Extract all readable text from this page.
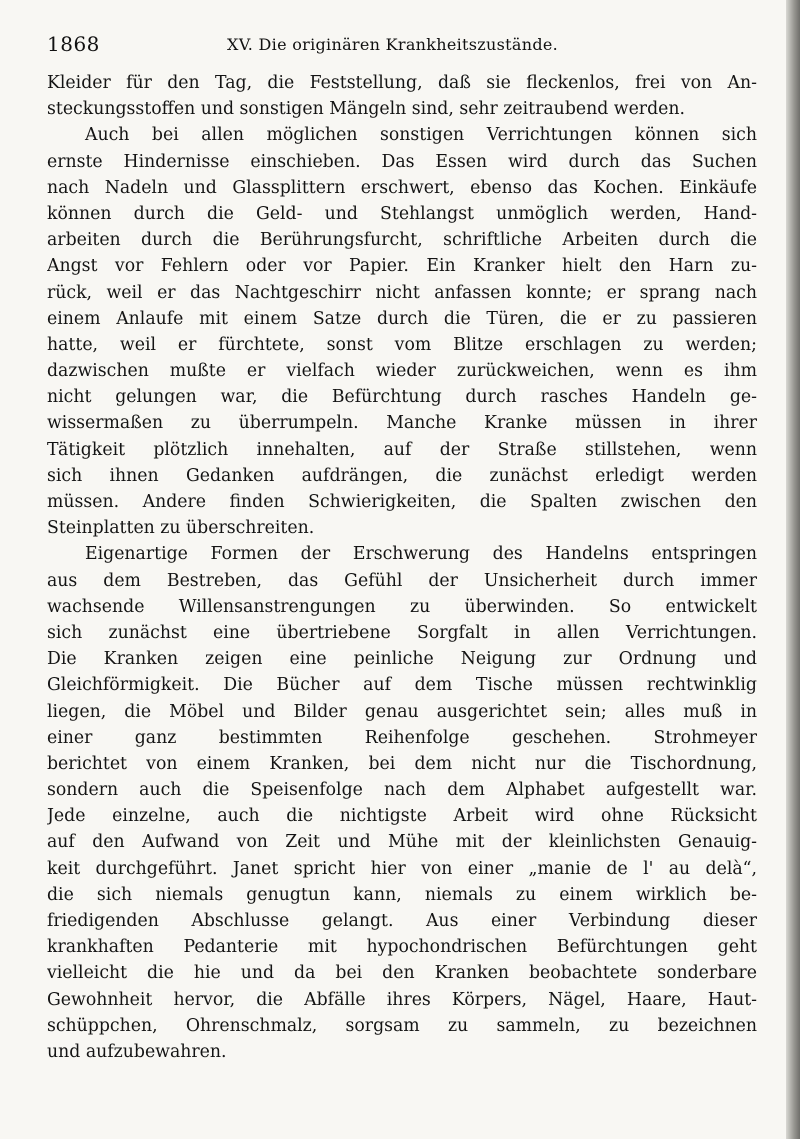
1868	XV. Die originären Krankheitszustände.
Kleider für den Tag, die Feststellung, daß sie fleckenlos, frei von An-
steckungsstoffen und sonstigen Mängeln sind, sehr zeitraubend werden.
Auch bei allen möglichen sonstigen Verrichtungen können sich
ernste Hindernisse einschieben. Das Essen wird durch das Suchen
nach Nadeln und Glassplittern erschwert, ebenso das Kochen. Einkäufe
können durch die Geld- und Stehlangst unmöglich werden, Hand-
arbeiten durch die Berührungsfurcht, schriftliche Arbeiten durch die
Angst vor Fehlern oder vor Papier. Ein Kranker hielt den Harn zu-
rück, weil er das Nachtgeschirr nicht anfassen konnte; er sprang nach
einem Anlaufe mit einem Satze durch die Türen, die er zu passieren
hatte, weil er fürchtete, sonst vom Blitze erschlagen zu werden;
dazwischen mußte er vielfach wieder zurückweichen, wenn es ihm
nicht gelungen war, die Befürchtung durch rasches Handeln ge-
wissermaßen zu überrumpeln. Manche Kranke müssen in ihrer
Tätigkeit plötzlich innehalten, auf der Straße stillstehen, wenn
sich ihnen Gedanken aufdrängen, die zunächst erledigt werden
müssen. Andere finden Schwierigkeiten, die Spalten zwischen den
Steinplatten zu überschreiten.
Eigenartige Formen der Erschwerung des Handelns entspringen
aus dem Bestreben, das Gefühl der Unsicherheit durch immer
wachsende Willensanstrengungen zu überwinden. So entwickelt
sich zunächst eine übertriebene Sorgfalt in allen Verrichtungen.
Die Kranken zeigen eine peinliche Neigung zur Ordnung und
Gleichförmigkeit. Die Bücher auf dem Tische müssen rechtwinklig
liegen, die Möbel und Bilder genau ausgerichtet sein; alles muß in
einer ganz bestimmten Reihenfolge geschehen. Strohmeyer
berichtet von einem Kranken, bei dem nicht nur die Tischordnung,
sondern auch die Speisenfolge nach dem Alphabet aufgestellt war.
Jede einzelne, auch die nichtigste Arbeit wird ohne Rücksicht
auf den Aufwand von Zeit und Mühe mit der kleinlichsten Genauig-
keit durchgeführt. Janet spricht hier von einer „manie de l' au delà“,
die sich niemals genugtun kann, niemals zu einem wirklich be-
friedigenden Abschlusse gelangt. Aus einer Verbindung dieser
krankhaften Pedanterie mit hypochondrischen Befürchtungen geht
vielleicht die hie und da bei den Kranken beobachtete sonderbare
Gewohnheit hervor, die Abfälle ihres Körpers, Nägel, Haare, Haut-
schüppchen, Ohrenschmalz, sorgsam zu sammeln, zu bezeichnen
und aufzubewahren.
